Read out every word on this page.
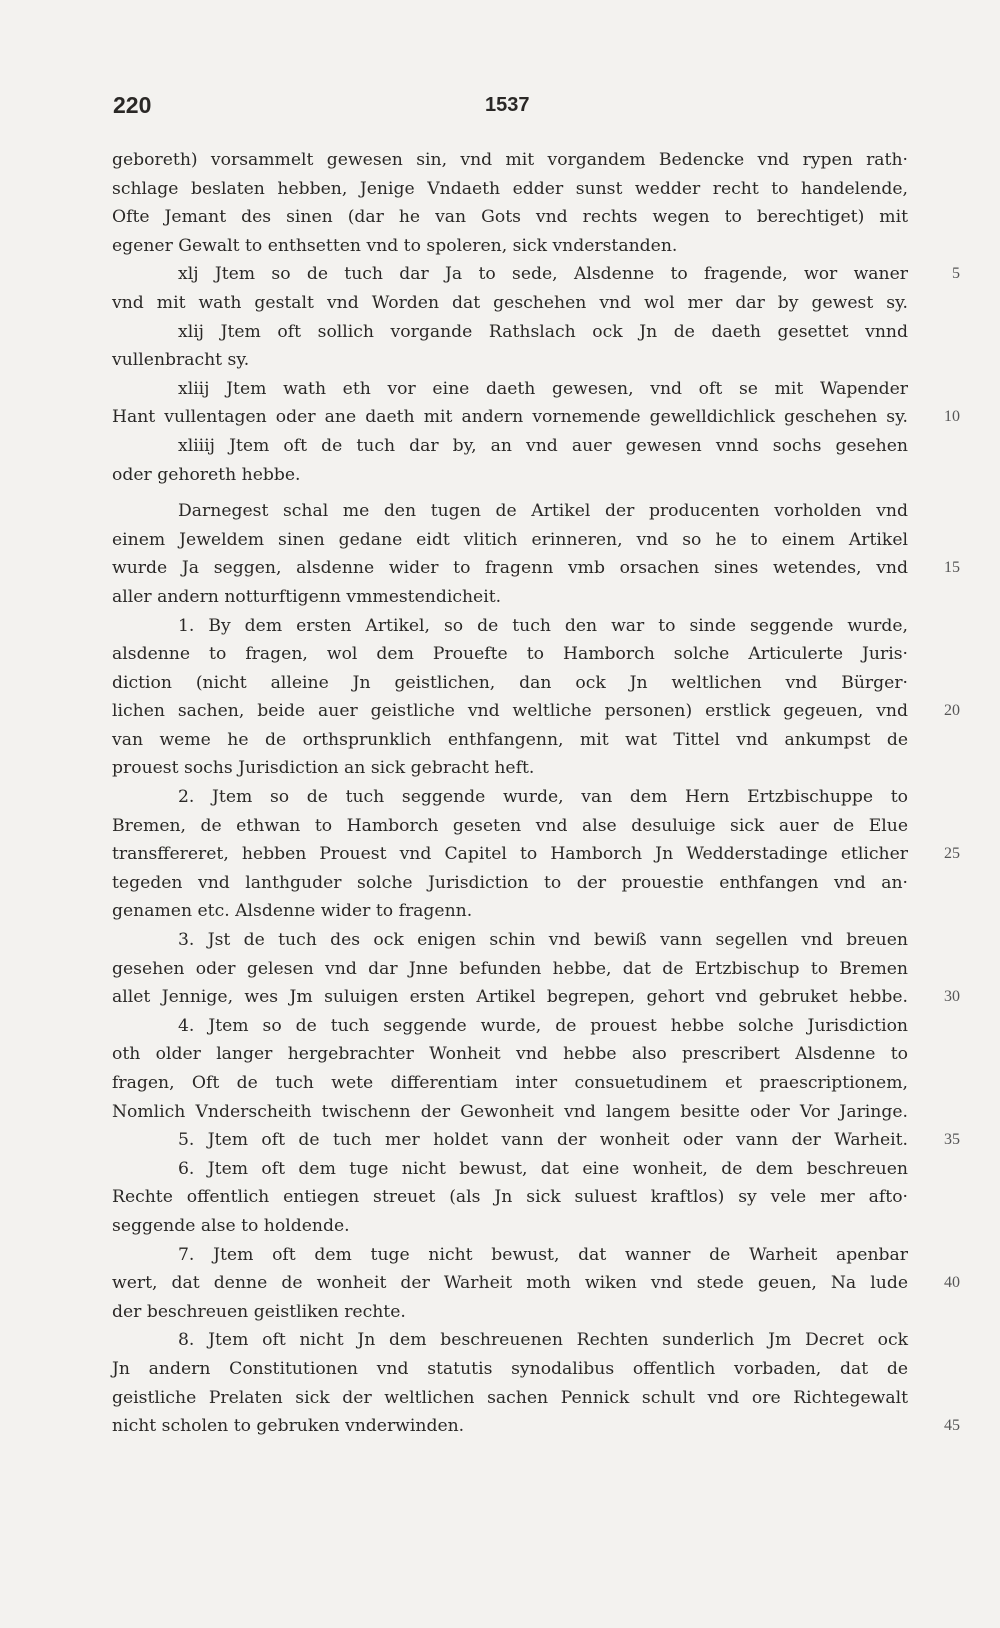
220	1537
geboreth) vorsammelt gewesen sin, vnd mit vorgandem Bedencke vnd rypen rath·
schlage beslaten hebben, Jenige Vndaeth edder sunst wedder recht to handelende,
Ofte Jemant des sinen (dar he van Gots vnd rechts wegen to berechtiget) mit
egener Gewalt to enthsetten vnd to spoleren, sick vnderstanden.
xlj Jtem so de tuch dar Ja to sede, Alsdenne to fragende, wor waner	5
vnd mit wath gestalt vnd Worden dat geschehen vnd wol mer dar by gewest sy.
xlij Jtem oft sollich vorgande Rathslach ock Jn de daeth gesettet vnnd
vullenbracht sy.
xliij Jtem wath eth vor eine daeth gewesen, vnd oft se mit Wapender
Hant vullentagen oder ane daeth mit andern vornemende gewelldichlick geschehen sy.	10
xliiij Jtem oft de tuch dar by, an vnd auer gewesen vnnd sochs gesehen
oder gehoreth hebbe.
Darnegest schal me den tugen de Artikel der producenten vorholden vnd
einem Jeweldem sinen gedane eidt vlitich erinneren, vnd so he to einem Artikel
wurde Ja seggen, alsdenne wider to fragenn vmb orsachen sines wetendes, vnd	15
aller andern notturftigenn vmmestendicheit.
1. By dem ersten Artikel, so de tuch den war to sinde seggende wurde,
alsdenne to fragen, wol dem Prouefte to Hamborch solche Articulerte Juris·
diction (nicht alleine Jn geistlichen, dan ock Jn weltlichen vnd Bürger·
lichen sachen, beide auer geistliche vnd weltliche personen) erstlick gegeuen, vnd	20
van weme he de orthsprunklich enthfangenn, mit wat Tittel vnd ankumpst de
prouest sochs Jurisdiction an sick gebracht heft.
2. Jtem so de tuch seggende wurde, van dem Hern Ertzbischuppe to
Bremen, de ethwan to Hamborch geseten vnd alse desuluige sick auer de Elue
transffereret, hebben Prouest vnd Capitel to Hamborch Jn Wedderstadinge etlicher	25
tegeden vnd lanthguder solche Jurisdiction to der prouestie enthfangen vnd an·
genamen etc. Alsdenne wider to fragenn.
3. Jst de tuch des ock enigen schin vnd bewiß vann segellen vnd breuen
gesehen oder gelesen vnd dar Jnne befunden hebbe, dat de Ertzbischup to Bremen
allet Jennige, wes Jm suluigen ersten Artikel begrepen, gehort vnd gebruket hebbe.	30
4. Jtem so de tuch seggende wurde, de prouest hebbe solche Jurisdiction
oth older langer hergebrachter Wonheit vnd hebbe also prescribert Alsdenne to
fragen, Oft de tuch wete differentiam inter consuetudinem et praescriptionem,
Nomlich Vnderscheith twischenn der Gewonheit vnd langem besitte oder Vor Jaringe.
5. Jtem oft de tuch mer holdet vann der wonheit oder vann der Warheit.	35
6. Jtem oft dem tuge nicht bewust, dat eine wonheit, de dem beschreuen
Rechte offentlich entiegen streuet (als Jn sick suluest kraftlos) sy vele mer afto·
seggende alse to holdende.
7. Jtem oft dem tuge nicht bewust, dat wanner de Warheit apenbar
wert, dat denne de wonheit der Warheit moth wiken vnd stede geuen, Na lude	40
der beschreuen geistliken rechte.
8. Jtem oft nicht Jn dem beschreuenen Rechten sunderlich Jm Decret ock
Jn andern Constitutionen vnd statutis synodalibus offentlich vorbaden, dat de
geistliche Prelaten sick der weltlichen sachen Pennick schult vnd ore Richtegewalt
nicht scholen to gebruken vnderwinden.	45
